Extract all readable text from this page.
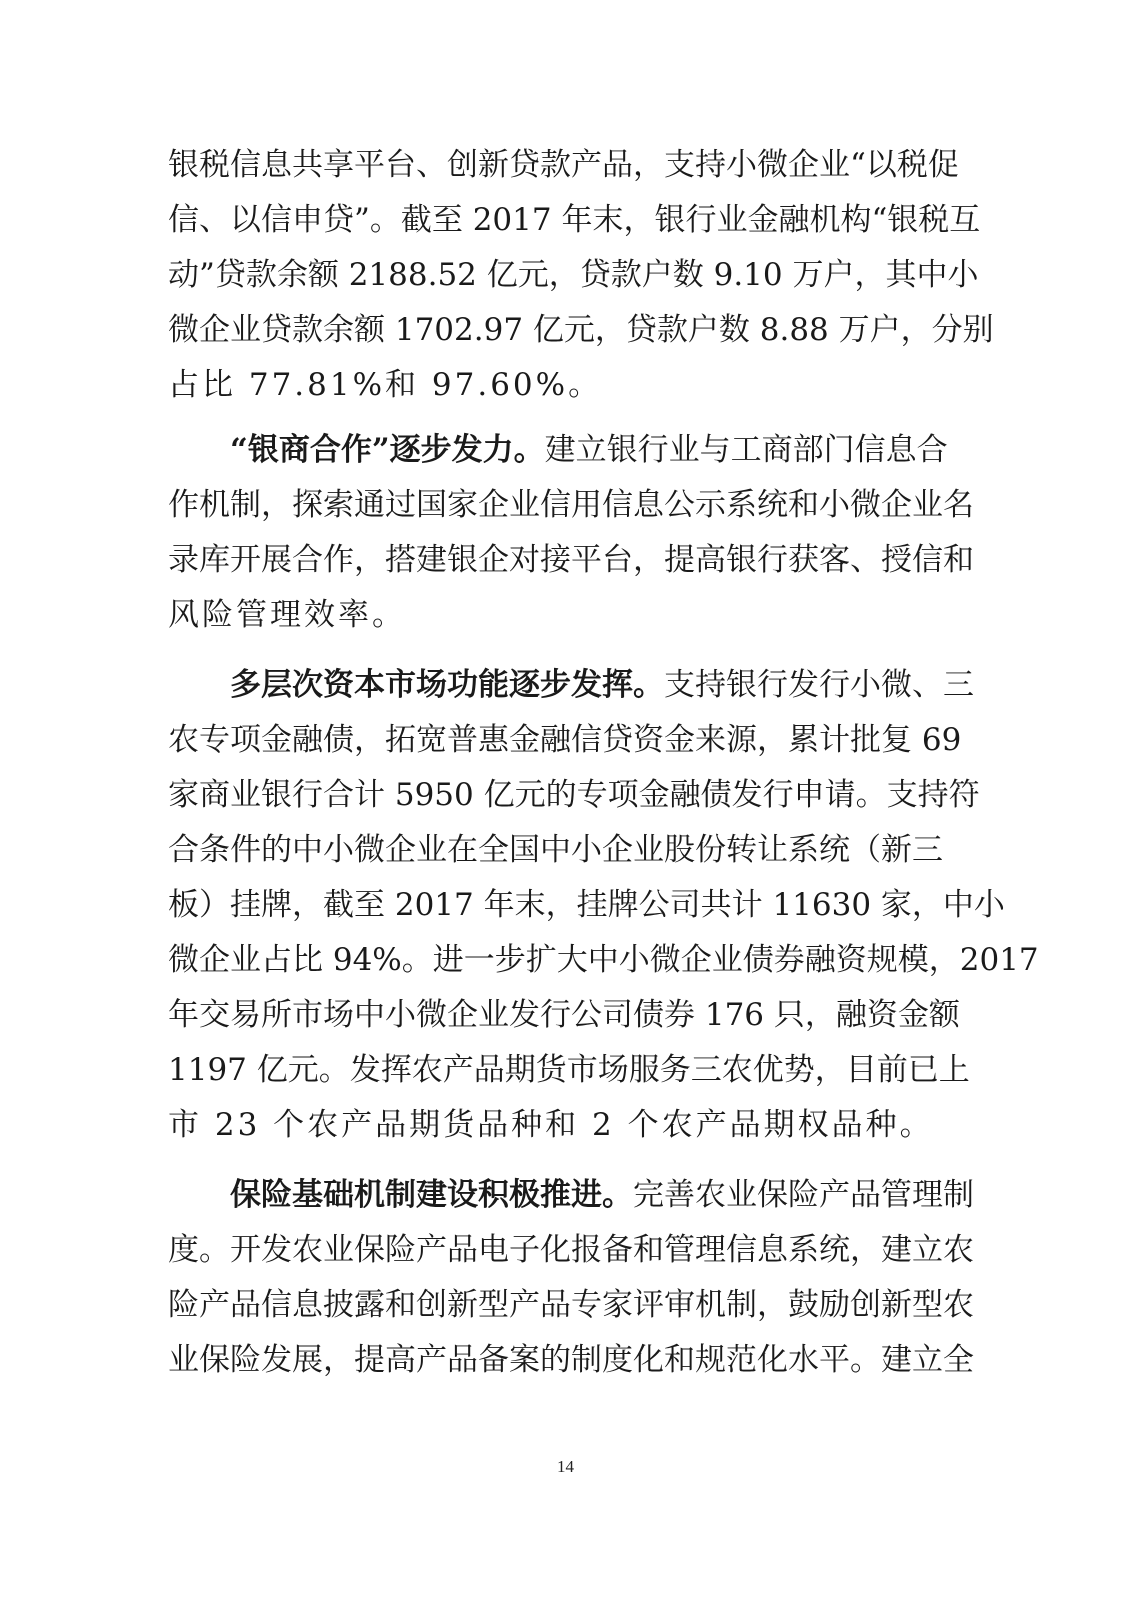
银税信息共享平台、创新贷款产品，支持小微企业“以税促
信、以信申贷”。截至 2017 年末，银行业金融机构“银税互
动”贷款余额 2188.52 亿元，贷款户数 9.10 万户，其中小
微企业贷款余额 1702.97 亿元，贷款户数 8.88 万户，分别
占比 77.81%和 97.60%。
“银商合作”逐步发力。建立银行业与工商部门信息合
作机制，探索通过国家企业信用信息公示系统和小微企业名
录库开展合作，搭建银企对接平台，提高银行获客、授信和
风险管理效率。
多层次资本市场功能逐步发挥。支持银行发行小微、三
农专项金融债，拓宽普惠金融信贷资金来源，累计批复 69
家商业银行合计 5950 亿元的专项金融债发行申请。支持符
合条件的中小微企业在全国中小企业股份转让系统（新三
板）挂牌，截至 2017 年末，挂牌公司共计 11630 家，中小
微企业占比 94%。进一步扩大中小微企业债券融资规模，2017
年交易所市场中小微企业发行公司债券 176 只，融资金额
1197 亿元。发挥农产品期货市场服务三农优势，目前已上
市 23 个农产品期货品种和 2 个农产品期权品种。
保险基础机制建设积极推进。完善农业保险产品管理制
度。开发农业保险产品电子化报备和管理信息系统，建立农
险产品信息披露和创新型产品专家评审机制，鼓励创新型农
业保险发展，提高产品备案的制度化和规范化水平。建立全
14
